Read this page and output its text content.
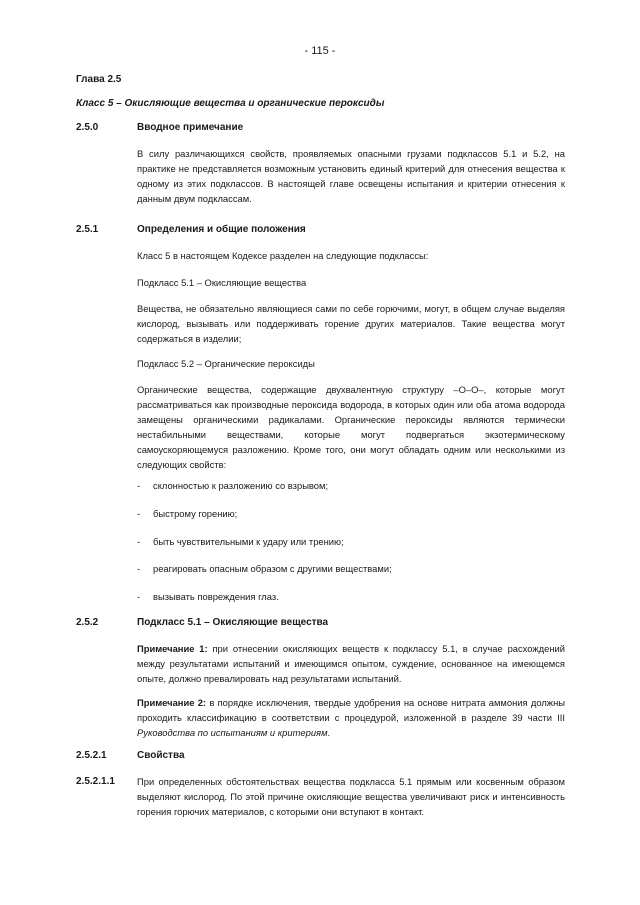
- 115 -
Глава 2.5
Класс 5 – Окисляющие вещества и органические пероксиды
2.5.0	Вводное примечание

В силу различающихся свойств, проявляемых опасными грузами подклассов 5.1 и 5.2, на практике не представляется возможным установить единый критерий для отнесения вещества к одному из этих подклассов. В настоящей главе освещены испытания и критерии отнесения к данным двум подклассам.

2.5.1	Определения и общие положения

Класс 5 в настоящем Кодексе разделен на следующие подклассы:

Подкласс 5.1 – Окисляющие вещества

Вещества, не обязательно являющиеся сами по себе горючими, могут, в общем случае выделяя кислород, вызывать или поддерживать горение других материалов. Такие вещества могут содержаться в изделии;

Подкласс 5.2 – Органические пероксиды

Органические вещества, содержащие двухвалентную структуру –O–O–, которые могут рассматриваться как производные пероксида водорода, в которых один или оба атома водорода замещены органическими радикалами. Органические пероксиды являются термически нестабильными веществами, которые могут подвергаться экзотермическому самоускоряющемуся разложению. Кроме того, они могут обладать одним или несколькими из следующих свойств:

- склонностью к разложению со взрывом;
- быстрому горению;
- быть чувствительными к удару или трению;
- реагировать опасным образом с другими веществами;
- вызывать повреждения глаз.
2.5.2	Подкласс 5.1 – Окисляющие вещества

Примечание 1: при отнесении окисляющих веществ к подклассу 5.1, в случае расхождений между результатами испытаний и имеющимся опытом, суждение, основанное на имеющемся опыте, должно превалировать над результатами испытаний.

Примечание 2: в порядке исключения, твердые удобрения на основе нитрата аммония должны проходить классификацию в соответствии с процедурой, изложенной в разделе 39 части III Руководства по испытаниям и критериям.

2.5.2.1	Свойства
2.5.2.1.1 При определенных обстоятельствах вещества подкласса 5.1 прямым или косвенным образом выделяют кислород. По этой причине окисляющие вещества увеличивают риск и интенсивность горения горючих материалов, с которыми они вступают в контакт.
